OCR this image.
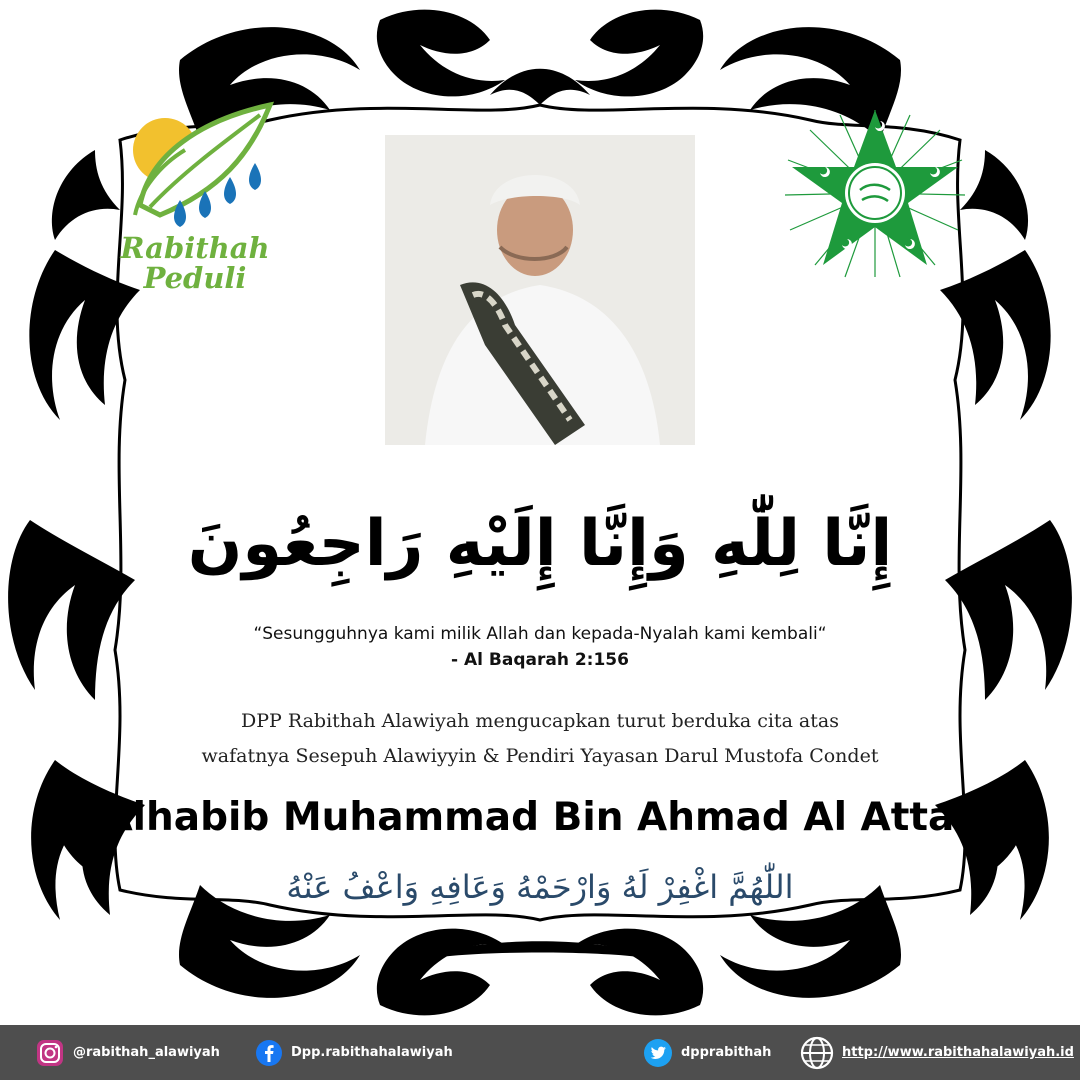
Rabithah
Peduli
إِنَّا لِلّٰهِ وَإِنَّا إِلَيْهِ رَاجِعُونَ
“Sesungguhnya kami milik Allah dan kepada-Nyalah kami kembali“
- Al Baqarah 2:156
DPP Rabithah Alawiyah mengucapkan turut berduka cita atas
wafatnya Sesepuh Alawiyyin & Pendiri Yayasan Darul Mustofa Condet
Alhabib Muhammad Bin Ahmad Al Attas
اللّٰهُمَّ اغْفِرْ لَهُ وَارْحَمْهُ وَعَافِهِ وَاعْفُ عَنْهُ
@rabithah_alawiyah	Dpp.rabithahalawiyah	dpprabithah	http://www.rabithahalawiyah.id
